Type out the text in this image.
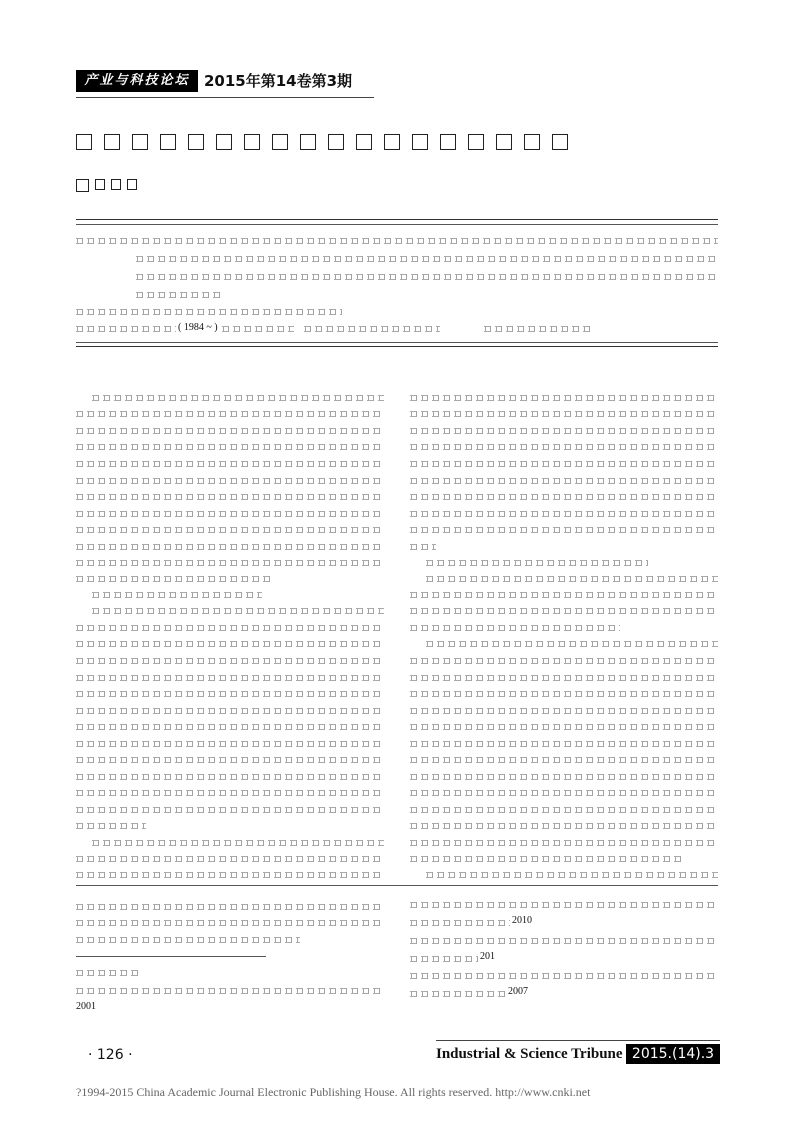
产业与科技论坛 2015年第14卷第3期
( 1984 ~ )
2001
2010
201
2007
· 126 ·	Industrial & Science Tribune 2015.(14).3
?1994-2015 China Academic Journal Electronic Publishing House. All rights reserved. http://www.cnki.net
